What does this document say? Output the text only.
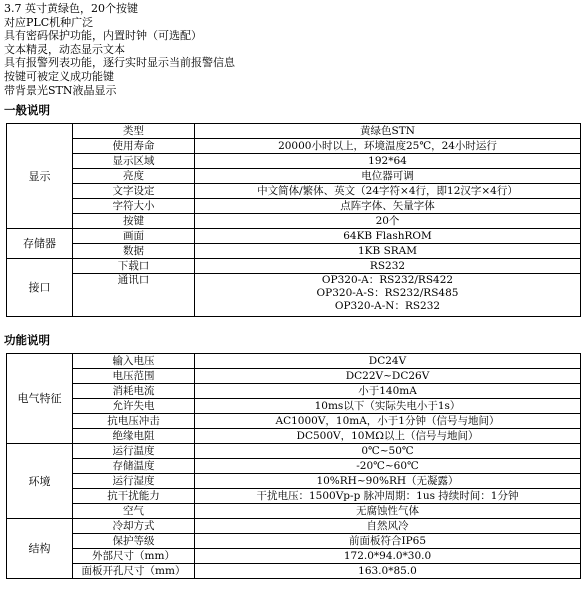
3.7 英寸黄绿色，20个按键
对应PLC机种广泛
具有密码保护功能，内置时钟（可选配）
文本精灵，动态显示文本
具有报警列表功能，逐行实时显示当前报警信息
按键可被定义成功能键
带背景光STN液晶显示
一般说明
显示	类型	黄绿色STN
	使用寿命	20000小时以上，环境温度25℃，24小时运行
	显示区域	192*64
	亮度	电位器可调
	文字设定	中文简体/繁体、英文（24字符×4行，即12汉字×4行）
	字符大小	点阵字体、矢量字体
	按键	20个
存储器	画面	64KB FlashROM
	数据	1KB SRAM
接口	下载口	RS232
	通讯口	OP320-A：RS232/RS422
OP320-A-S：RS232/RS485
OP320-A-N：RS232
功能说明
电气特征	输入电压	DC24V
	电压范围	DC22V~DC26V
	消耗电流	小于140mA
	允许失电	10ms以下（实际失电小于1s）
	抗电压冲击	AC1000V，10mA，小于1分钟（信号与地间）
	绝缘电阻	DC500V，10MΩ以上（信号与地间）
环境	运行温度	0℃~50℃
	存储温度	-20℃~60℃
	运行湿度	10%RH~90%RH（无凝露）
	抗干扰能力	干扰电压：1500Vp-p 脉冲周期：1us 持续时间：1分钟
	空气	无腐蚀性气体
结构	冷却方式	自然风冷
	保护等级	前面板符合IP65
	外部尺寸（mm）	172.0*94.0*30.0
	面板开孔尺寸（mm）	163.0*85.0
